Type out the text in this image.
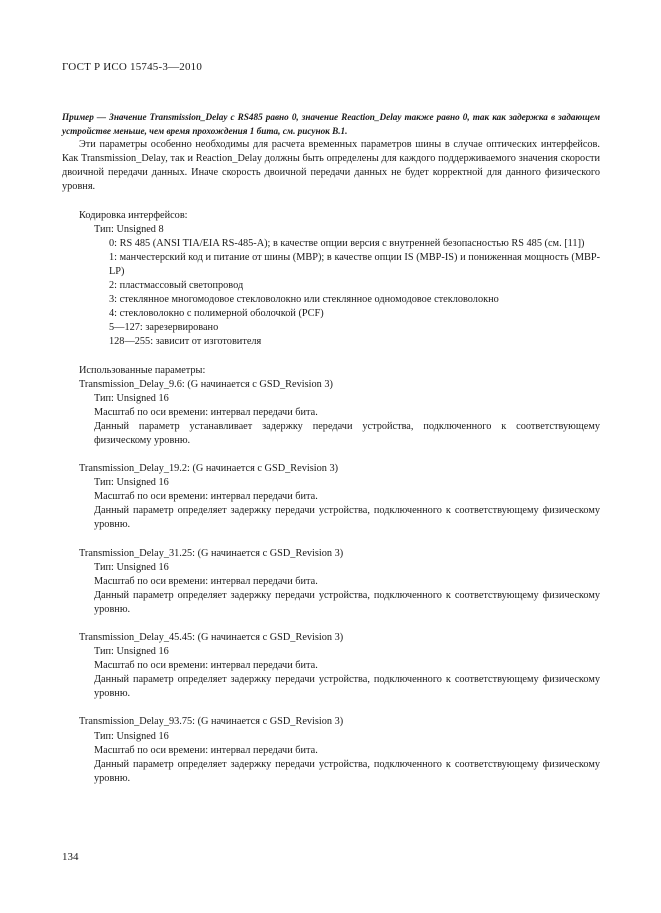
ГОСТ Р ИСО 15745-3—2010

Пример — Значение Transmission_Delay с RS485 равно 0, значение Reaction_Delay также равно 0, так как задержка в задающем устройстве меньше, чем время прохождения 1 бита, см. рисунок B.1.

Эти параметры особенно необходимы для расчета временных параметров шины в случае оптических интерфейсов. Как Transmission_Delay, так и Reaction_Delay должны быть определены для каждого поддерживаемого значения скорости двоичной передачи данных. Иначе скорость двоичной передачи данных не будет корректной для данного физического уровня.

Кодировка интерфейсов:

Тип: Unsigned 8

0: RS 485 (ANSI TIA/EIA RS-485-A); в качестве опции версия с внутренней безопасностью RS 485 (см. [11])

1: манчестерский код и питание от шины (MBP); в качестве опции IS (MBP-IS) и пониженная мощность (MBP-LP)

2: пластмассовый светопровод

3: стеклянное многомодовое стекловолокно или стеклянное одномодовое стекловолокно

4: стекловолокно с полимерной оболочкой (PCF)

5—127: зарезервировано

128—255: зависит от изготовителя

Использованные параметры:

Transmission_Delay_9.6: (G начинается с GSD_Revision 3)

Тип: Unsigned 16

Масштаб по оси времени: интервал передачи бита.

Данный параметр устанавливает задержку передачи устройства, подключенного к соответствующему физическому уровню.

Transmission_Delay_19.2: (G начинается с GSD_Revision 3)

Тип: Unsigned 16

Масштаб по оси времени: интервал передачи бита.

Данный параметр определяет задержку передачи устройства, подключенного к соответствующему физическому уровню.

Transmission_Delay_31.25: (G начинается с GSD_Revision 3)

Тип: Unsigned 16

Масштаб по оси времени: интервал передачи бита.

Данный параметр определяет задержку передачи устройства, подключенного к соответствующему физическому уровню.

Transmission_Delay_45.45: (G начинается с GSD_Revision 3)

Тип: Unsigned 16

Масштаб по оси времени: интервал передачи бита.

Данный параметр определяет задержку передачи устройства, подключенного к соответствующему физическому уровню.

Transmission_Delay_93.75: (G начинается с GSD_Revision 3)

Тип: Unsigned 16

Масштаб по оси времени: интервал передачи бита.

Данный параметр определяет задержку передачи устройства, подключенного к соответствующему физическому уровню.

134
